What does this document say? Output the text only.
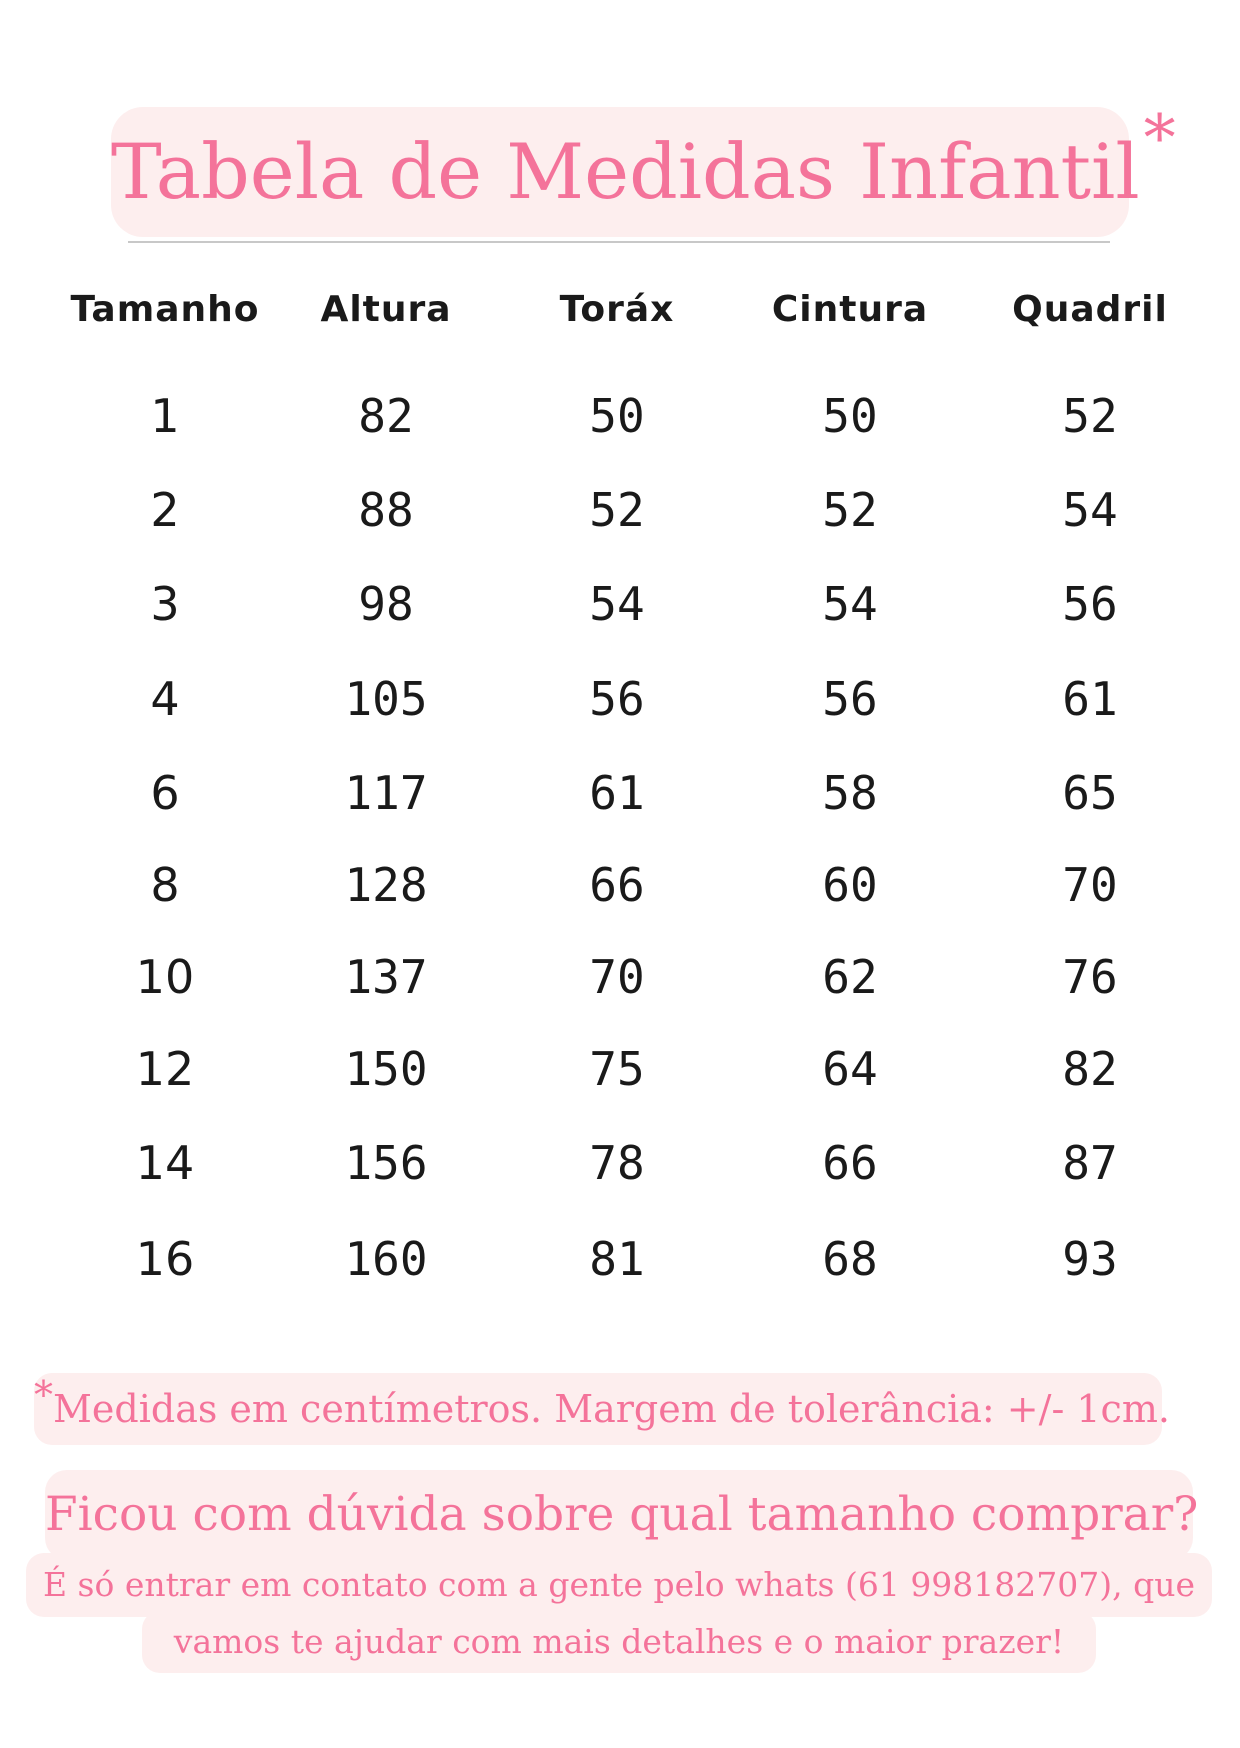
Tabela de Medidas Infantil*
Tamanho	Altura	Toráx	Cintura	Quadril
1	82	50	50	52
2	88	52	52	54
3	98	54	54	56
4	105	56	56	61
6	117	61	58	65
8	128	66	60	70
10	137	70	62	76
12	150	75	64	82
14	156	78	66	87
16	160	81	68	93
*Medidas em centímetros. Margem de tolerância: +/- 1cm.
Ficou com dúvida sobre qual tamanho comprar?
É só entrar em contato com a gente pelo whats (61 998182707), que
vamos te ajudar com mais detalhes e o maior prazer!
